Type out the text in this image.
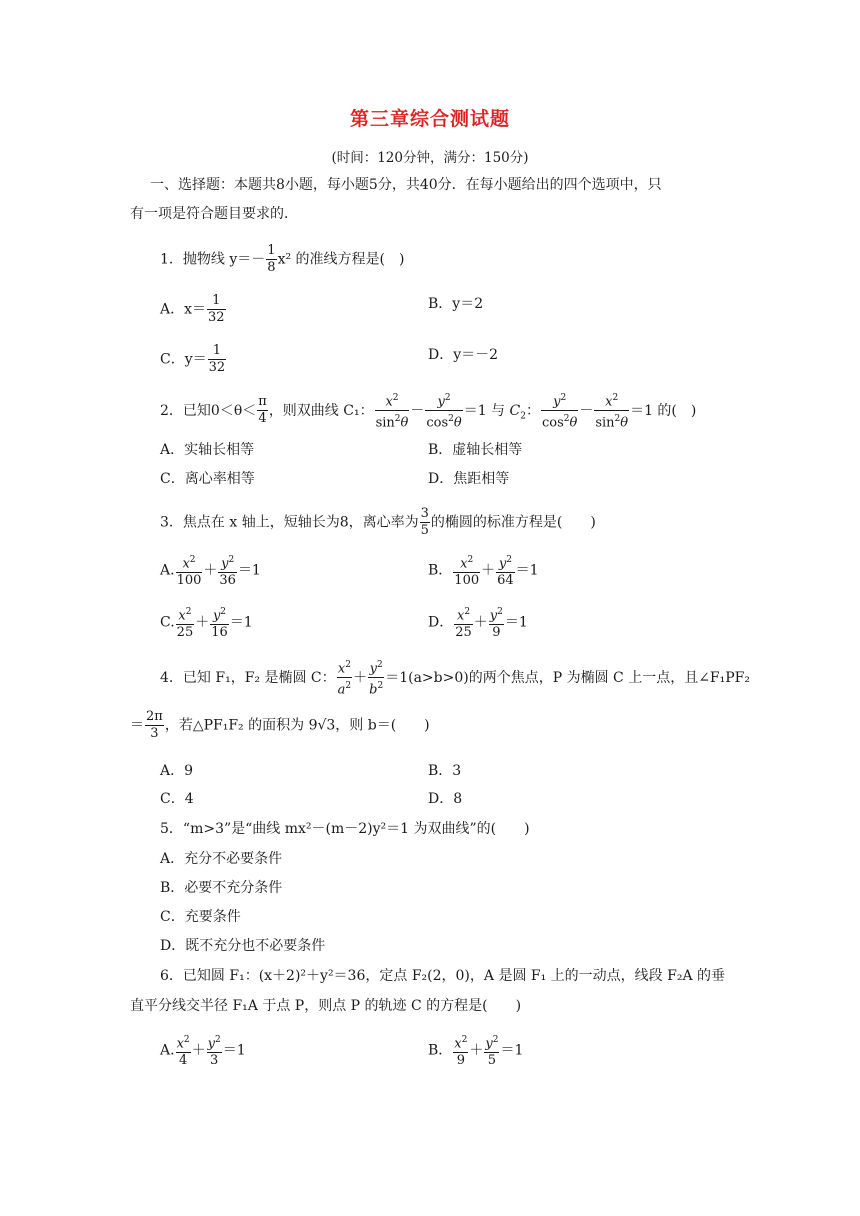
第三章综合测试题
(时间：120分钟，满分：150分)
一、选择题：本题共8小题，每小题5分，共40分．在每小题给出的四个选项中，只
有一项是符合题目要求的．
1．抛物线 $y=- \frac{1}{8} x^2$ 的准线方程是(　)
A．$x= \frac{1}{32}$	B．y＝2
C．$y= \frac{1}{32}$	D．y＝－2
2．已知$0<\theta< \frac{\pi}{4}$ ，则双曲线 C₁： $\frac{x^2}{\sin^2\theta} - \frac{y^2}{\cos^2\theta} =1$ 与 $C_2$： $\frac{y^2}{\cos^2\theta} - \frac{x^2}{\sin^2\theta} =1$ 的(　)
A．实轴长相等	B．虚轴长相等
C．离心率相等	D．焦距相等
3．焦点在 x 轴上，短轴长为8，离心率为 $\frac{3}{5}$ 的椭圆的标准方程是(　　)
A. $\frac{x^2}{100} + \frac{y^2}{36} =1$	B． $\frac{x^2}{100} + \frac{y^2}{64} =1$
C. $\frac{x^2}{25} + \frac{y^2}{16} =1$	D． $\frac{x^2}{25} + \frac{y^2}{9} =1$
4．已知 F₁，F₂ 是椭圆 C： $\frac{x^2}{a^2} + \frac{y^2}{b^2} =1(a>b>0)$的两个焦点，P 为椭圆 C 上一点，且∠F₁PF₂
＝ $\frac{2\pi}{3}$ ，若△PF₁F₂ 的面积为 9√3，则 b＝(　　)
A．9	B．3
C．4	D．8
5．“m>3”是“曲线 mx²－(m－2)y²＝1 为双曲线”的(　　)
A．充分不必要条件
B．必要不充分条件
C．充要条件
D．既不充分也不必要条件
6．已知圆 F₁：(x＋2)²＋y²＝36，定点 F₂(2，0)，A 是圆 F₁ 上的一动点，线段 F₂A 的垂
直平分线交半径 F₁A 于点 P，则点 P 的轨迹 C 的方程是(　　)
A. $\frac{x^2}{4} + \frac{y^2}{3} =1$	B． $\frac{x^2}{9} + \frac{y^2}{5} =1$
